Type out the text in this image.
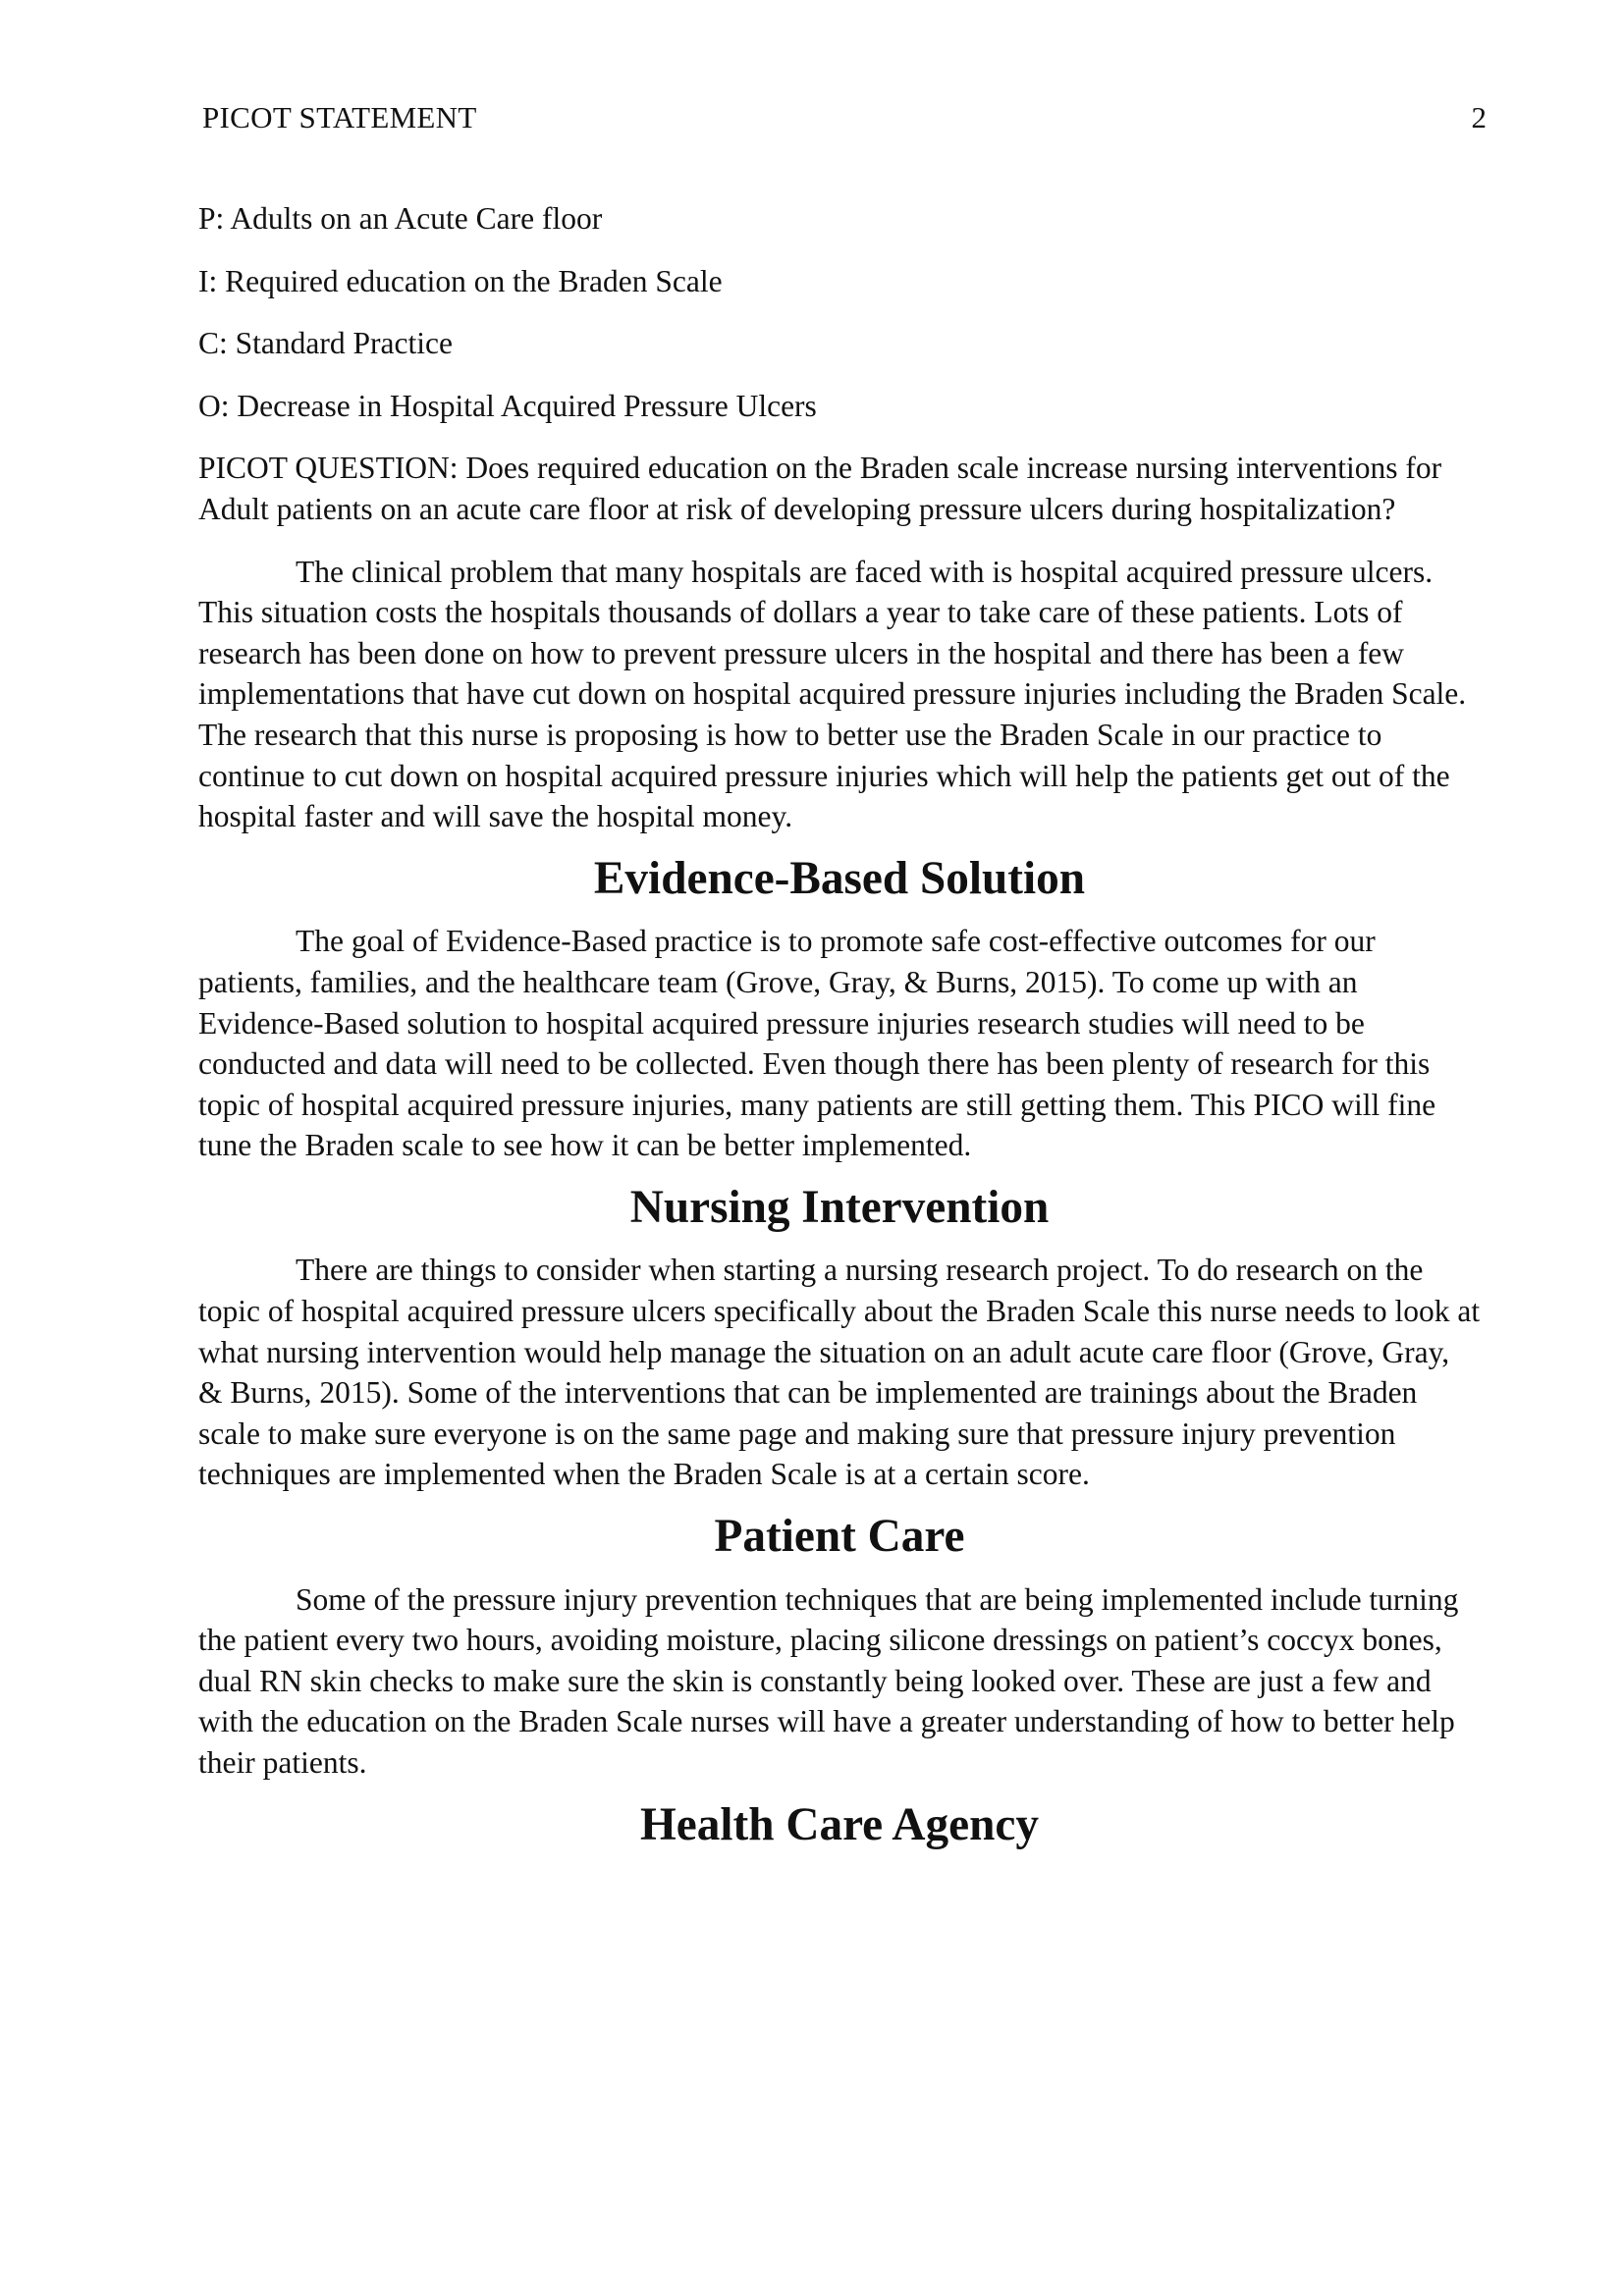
PICOT STATEMENT	2

P: Adults on an Acute Care floor

I: Required education on the Braden Scale

C: Standard Practice

O: Decrease in Hospital Acquired Pressure Ulcers

PICOT QUESTION: Does required education on the Braden scale increase nursing interventions for Adult patients on an acute care floor at risk of developing pressure ulcers during hospitalization?

The clinical problem that many hospitals are faced with is hospital acquired pressure ulcers. This situation costs the hospitals thousands of dollars a year to take care of these patients. Lots of research has been done on how to prevent pressure ulcers in the hospital and there has been a few implementations that have cut down on hospital acquired pressure injuries including the Braden Scale. The research that this nurse is proposing is how to better use the Braden Scale in our practice to continue to cut down on hospital acquired pressure injuries which will help the patients get out of the hospital faster and will save the hospital money.

Evidence-Based Solution

The goal of Evidence-Based practice is to promote safe cost-effective outcomes for our patients, families, and the healthcare team (Grove, Gray, & Burns, 2015). To come up with an Evidence-Based solution to hospital acquired pressure injuries research studies will need to be conducted and data will need to be collected. Even though there has been plenty of research for this topic of hospital acquired pressure injuries, many patients are still getting them. This PICO will fine tune the Braden scale to see how it can be better implemented.

Nursing Intervention

There are things to consider when starting a nursing research project. To do research on the topic of hospital acquired pressure ulcers specifically about the Braden Scale this nurse needs to look at what nursing intervention would help manage the situation on an adult acute care floor (Grove, Gray, & Burns, 2015). Some of the interventions that can be implemented are trainings about the Braden scale to make sure everyone is on the same page and making sure that pressure injury prevention techniques are implemented when the Braden Scale is at a certain score.

Patient Care

Some of the pressure injury prevention techniques that are being implemented include turning the patient every two hours, avoiding moisture, placing silicone dressings on patient’s coccyx bones, dual RN skin checks to make sure the skin is constantly being looked over. These are just a few and with the education on the Braden Scale nurses will have a greater understanding of how to better help their patients.

Health Care Agency
